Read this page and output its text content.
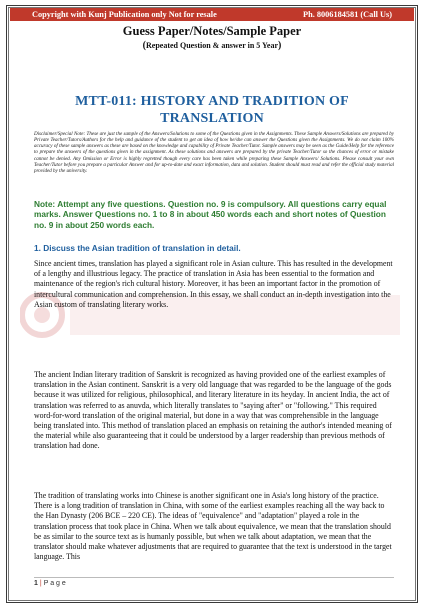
Copyright with Kunj Publication only Not for resale	Ph. 8006184581 (Call Us)
Guess Paper/Notes/Sample Paper
(Repeated Question & answer in 5 Year)
MTT-011: HISTORY AND TRADITION OF TRANSLATION
Disclaimer/Special Note: These are just the sample of the Answers/Solutions to some of the Questions given in the Assignments. These Sample Answers/Solutions are prepared by Private Teacher/Tutors/Authors for the help and guidance of the student to get an idea of how he/she can answer the Questions given the Assignments. We do not claim 100% accuracy of these sample answers as these are based on the knowledge and capability of Private Teacher/Tutor. Sample answers may be seen as the Guide/Help for the reference to prepare the answers of the questions given in the assignment. As these solutions and answers are prepared by the private Teacher/Tutor so the chances of error or mistake cannot be denied. Any Omission or Error is highly regretted though every care has been taken while preparing these Sample Answers/ Solutions. Please consult your own Teacher/Tutor before you prepare a particular Answer and for up-to-date and exact information, data and solution. Student should must read and refer the official study material provided by the university.
Note: Attempt any five questions. Question no. 9 is compulsory. All questions carry equal marks. Answer Questions no. 1 to 8 in about 450 words each and short notes of Question no. 9 in about 250 words each.
1. Discuss the Asian tradition of translation in detail.
Since ancient times, translation has played a significant role in Asian culture. This has resulted in the development of a lengthy and illustrious legacy. The practice of translation in Asia has been essential to the formation and maintenance of the region's rich cultural history. Moreover, it has been an important factor in the promotion of intercultural communication and comprehension. In this essay, we shall conduct an in-depth investigation into the Asian custom of translating literary works.
The ancient Indian literary tradition of Sanskrit is recognized as having provided one of the earliest examples of translation in the Asian continent. Sanskrit is a very old language that was regarded to be the language of the gods because it was utilized for religious, philosophical, and literary literature in its heyday. In ancient India, the act of translation was referred to as anuvda, which literally translates to "saying after" or "following." This required word-for-word translation of the original material, but done in a way that was comprehensible in the language being translated into. This method of translation placed an emphasis on retaining the author's intended meaning of the material while also guaranteeing that it could be understood by a larger readership than previous methods of translation had done.
The tradition of translating works into Chinese is another significant one in Asia's long history of the practice. There is a long tradition of translation in China, with some of the earliest examples reaching all the way back to the Han Dynasty (206 BCE – 220 CE). The ideas of "equivalence" and "adaptation" played a role in the translation process that took place in China. When we talk about equivalence, we mean that the translation should be as similar to the source text as is humanly possible, but when we talk about adaptation, we mean that the translator should make whatever adjustments that are required to guarantee that the text is understood in the target language. This
1 | P a g e
